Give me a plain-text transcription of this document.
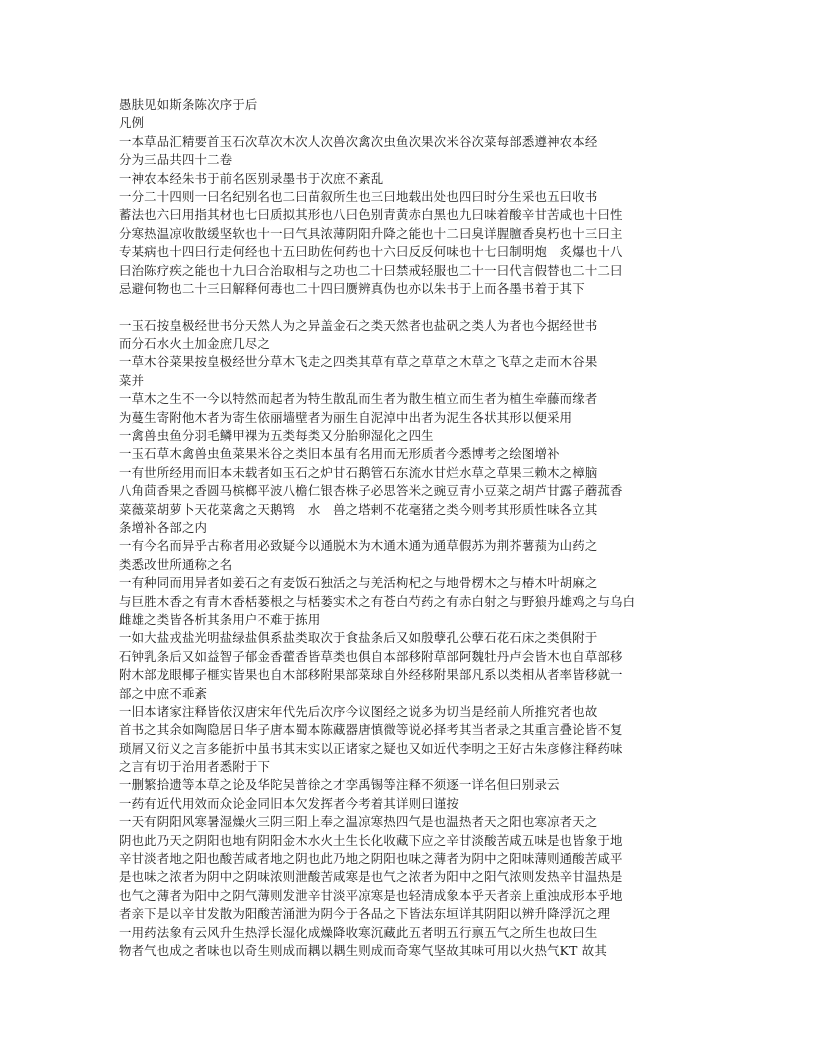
愚肤见如斯条陈次序于后
凡例
一本草品汇精要首玉石次草次木次人次兽次禽次虫鱼次果次米谷次菜每部悉遵神农本经
分为三品共四十二卷
一神农本经朱书于前名医别录墨书于次庶不紊乱
一分二十四则一曰名纪别名也二曰苗叙所生也三曰地载出处也四曰时分生采也五曰收书
蓄法也六曰用指其材也七曰质拟其形也八曰色别青黄赤白黑也九曰味着酸辛甘苦咸也十曰性
分寒热温凉收散缓坚软也十一曰气具浓薄阴阳升降之能也十二曰臭详腥膻香臭朽也十三曰主
专某病也十四曰行走何经也十五曰助佐何药也十六曰反反何味也十七曰制明炮　炙爆也十八
曰治陈疗疾之能也十九曰合治取相与之功也二十曰禁戒轻服也二十一曰代言假替也二十二曰
忌避何物也二十三曰解释何毒也二十四曰赝辨真伪也亦以朱书于上而各墨书着于其下
一玉石按皇极经世书分天然人为之异盖金石之类天然者也盐矾之类人为者也今据经世书
而分石水火土加金庶几尽之
一草木谷菜果按皇极经世分草木飞走之四类其草有草之草草之木草之飞草之走而木谷果
菜并
一草木之生不一今以特然而起者为特生散乱而生者为散生植立而生者为植生牵藤而缘者
为蔓生寄附他木者为寄生依丽墙壁者为丽生自泥淖中出者为泥生各状其形以便采用
一禽兽虫鱼分羽毛鳞甲裸为五类每类又分胎卵湿化之四生
一玉石草木禽兽虫鱼菜果米谷之类旧本虽有名用而无形质者今悉博考之绘图增补
一有世所经用而旧本未载者如玉石之炉甘石鹅管石东流水甘烂水草之草果三赖木之樟脑
八角茴香果之香圆马槟榔平波八檐仁银杏株子必思答米之豌豆青小豆菜之胡芦甘露子蘑菰香
菜薇菜胡萝卜天花菜禽之天鹅鸨　水　兽之塔剌不花毫猪之类今则考其形质性味各立其
条增补各部之内
一有今名而异乎古称者用必致疑今以通脱木为木通木通为通草假苏为荆芥薯蓣为山药之
类悉改世所通称之名
一有种同而用异者如姜石之有麦饭石独活之与羌活枸杞之与地骨楞木之与椿木叶胡麻之
与巨胜木香之有青木香栝蒌根之与栝蒌实术之有苍白芍药之有赤白射之与野狼丹雄鸡之与乌白
雌雄之类皆各析其条用户不难于拣用
一如大盐戎盐光明盐绿盐俱系盐类取次于食盐条后又如殷孽孔公孽石花石床之类俱附于
石钟乳条后又如益智子郁金香藿香皆草类也俱自本部移附草部阿魏牡丹卢会皆木也自草部移
附木部龙眼椰子榧实皆果也自木部移附果部菜球自外经移附果部凡系以类相从者率皆移就一
部之中庶不乖紊
一旧本诸家注释皆依汉唐宋年代先后次序今议图经之说多为切当是经前人所推究者也故
首书之其余如陶隐居日华子唐本蜀本陈藏器唐慎微等说必择考其当者录之其重言叠论皆不复
琐屑又衍义之言多能折中虽书其末实以正诸家之疑也又如近代李明之王好古朱彦修注释药味
之言有切于治用者悉附于下
一删繁拾遗等本草之论及华陀吴普徐之才孪禹锡等注释不须逐一详名但曰别录云
一药有近代用效而众论金同旧本欠发挥者今考着其详则曰谨按
一天有阴阳风寒暑湿燥火三阴三阳上奉之温凉寒热四气是也温热者天之阳也寒凉者天之
阴也此乃天之阴阳也地有阴阳金木水火土生长化收藏下应之辛甘淡酸苦咸五味是也皆象于地
辛甘淡者地之阳也酸苦咸者地之阴也此乃地之阴阳也味之薄者为阴中之阳味薄则通酸苦咸平
是也味之浓者为阴中之阴味浓则泄酸苦咸寒是也气之浓者为阳中之阳气浓则发热辛甘温热是
也气之薄者为阳中之阴气薄则发泄辛甘淡平凉寒是也轻清成象本乎天者亲上重浊成形本乎地
者亲下是以辛甘发散为阳酸苦涌泄为阴今于各品之下皆法东垣详其阴阳以辨升降浮沉之理
一用药法象有云风升生热浮长湿化成燥降收寒沉藏此五者明五行禀五气之所生也故曰生
物者气也成之者味也以奇生则成而耦以耦生则成而奇寒气坚故其味可用以火热气KT 故其
